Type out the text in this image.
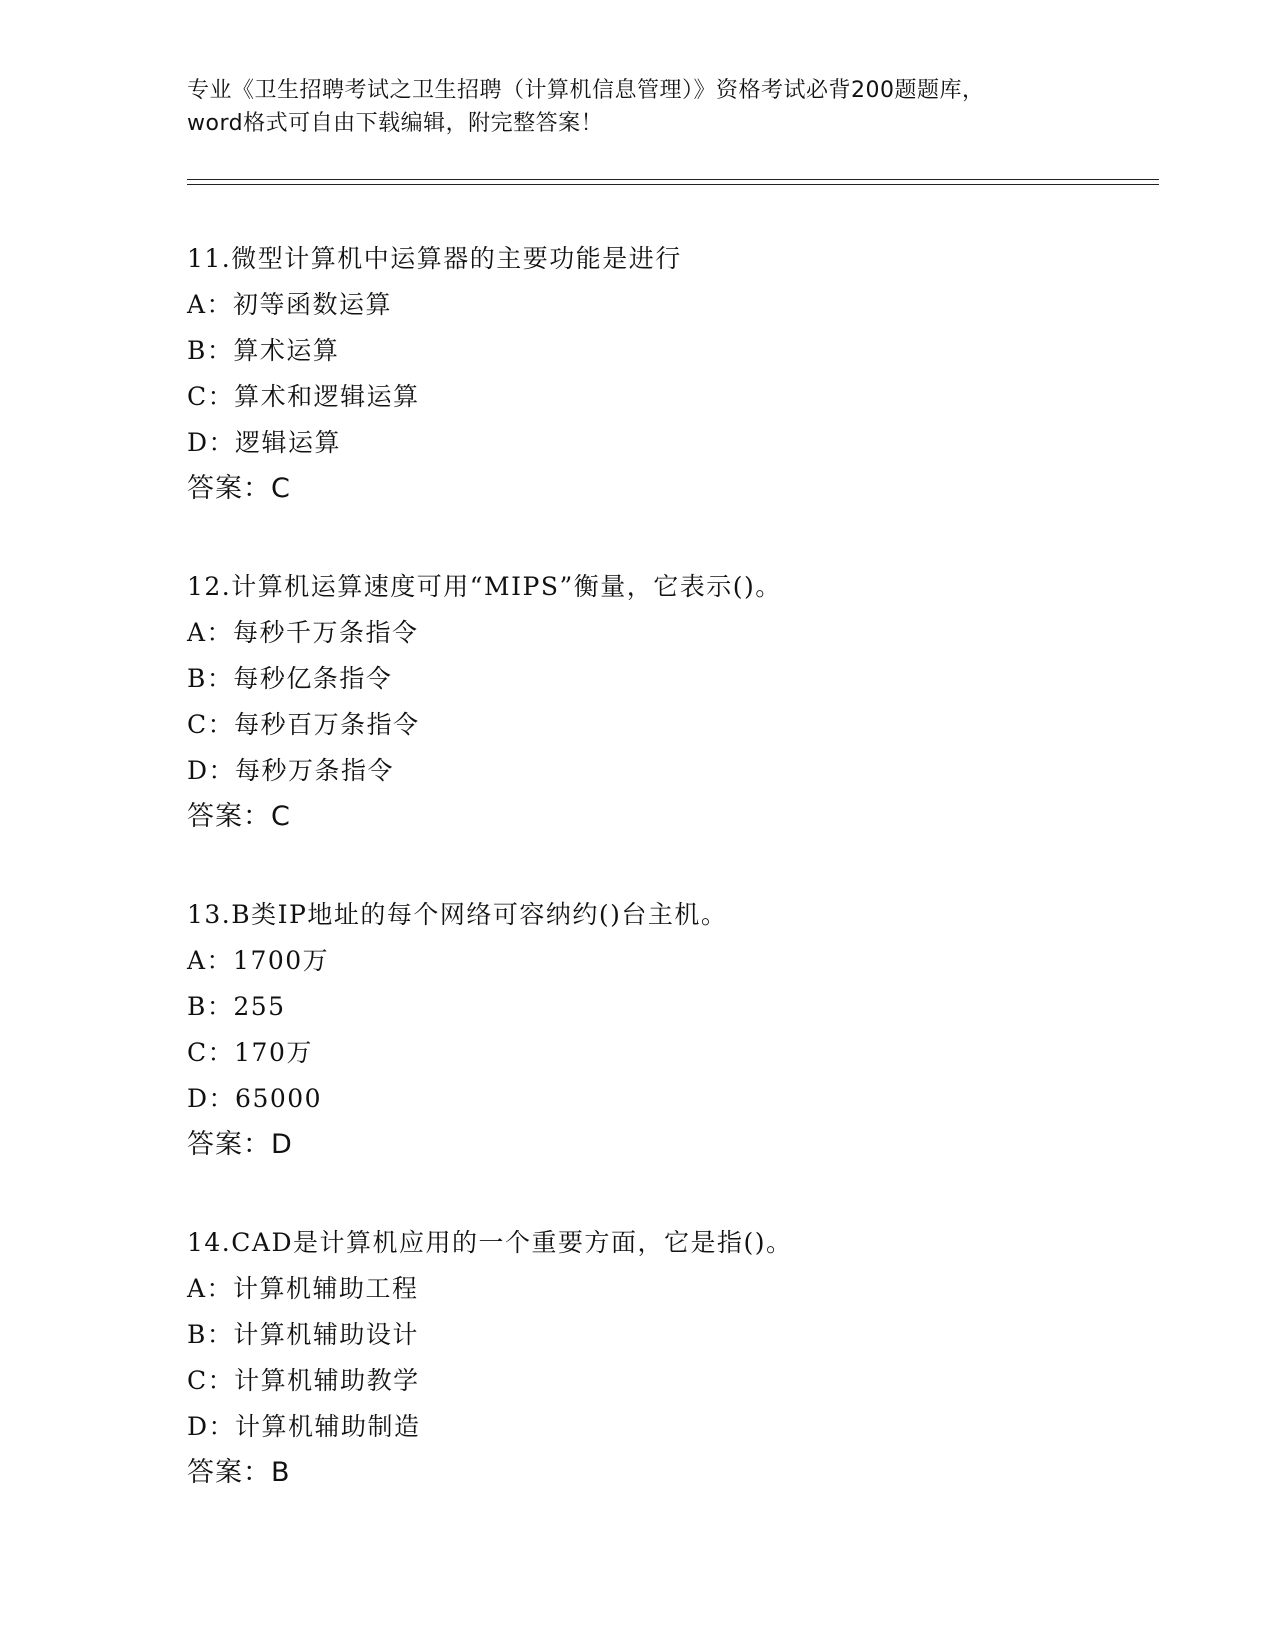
专业《卫生招聘考试之卫生招聘（计算机信息管理）》资格考试必背200题题库，
word格式可自由下载编辑，附完整答案！
11.微型计算机中运算器的主要功能是进行
A：初等函数运算
B：算术运算
C：算术和逻辑运算
D：逻辑运算
答案：C
12.计算机运算速度可用“MIPS”衡量，它表示()。
A：每秒千万条指令
B：每秒亿条指令
C：每秒百万条指令
D：每秒万条指令
答案：C
13.B类IP地址的每个网络可容纳约()台主机。
A：1700万
B：255
C：170万
D：65000
答案：D
14.CAD是计算机应用的一个重要方面，它是指()。
A：计算机辅助工程
B：计算机辅助设计
C：计算机辅助教学
D：计算机辅助制造
答案：B
